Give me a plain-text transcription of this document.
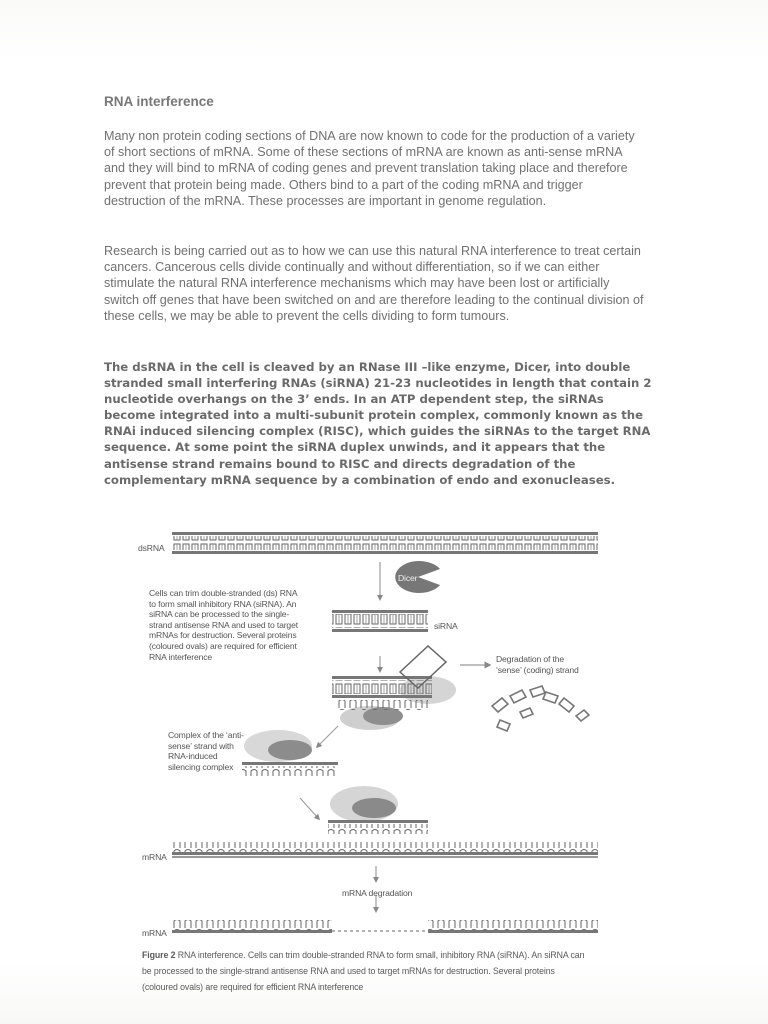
RNA interference

Many non protein coding sections of DNA are now known to code for the production of a variety of short sections of mRNA. Some of these sections of mRNA are known as anti-sense mRNA and they will bind to mRNA of coding genes and prevent translation taking place and therefore prevent that protein being made. Others bind to a part of the coding mRNA and trigger destruction of the mRNA. These processes are important in genome regulation.

Research is being carried out as to how we can use this natural RNA interference to treat certain cancers. Cancerous cells divide continually and without differentiation, so if we can either stimulate the natural RNA interference mechanisms which may have been lost or artificially switch off genes that have been switched on and are therefore leading to the continual division of these cells, we may be able to prevent the cells dividing to form tumours.

The dsRNA in the cell is cleaved by an RNase III –like enzyme, Dicer, into double stranded small interfering RNAs (siRNA) 21-23 nucleotides in length that contain 2 nucleotide overhangs on the 3’ ends. In an ATP dependent step, the siRNAs become integrated into a multi-subunit protein complex, commonly known as the RNAi induced silencing complex (RISC), which guides the siRNAs to the target RNA sequence. At some point the siRNA duplex unwinds, and it appears that the antisense strand remains bound to RISC and directs degradation of the complementary mRNA sequence by a combination of endo and exonucleases.

dsRNA
Dicer
siRNA
Cells can trim double-stranded (ds) RNA to form small inhibitory RNA (siRNA). An siRNA can be processed to the single-strand antisense RNA and used to target mRNAs for destruction. Several proteins (coloured ovals) are required for efficient RNA interference	Degradation of the ‘sense’ (coding) strand
Complex of the ‘anti-sense’ strand with RNA-induced silencing complex
mRNA
mRNA degradation
mRNA
Figure 2 RNA interference. Cells can trim double-stranded RNA to form small, inhibitory RNA (siRNA). An siRNA can be processed to the single-strand antisense RNA and used to target mRNAs for destruction. Several proteins (coloured ovals) are required for efficient RNA interference
